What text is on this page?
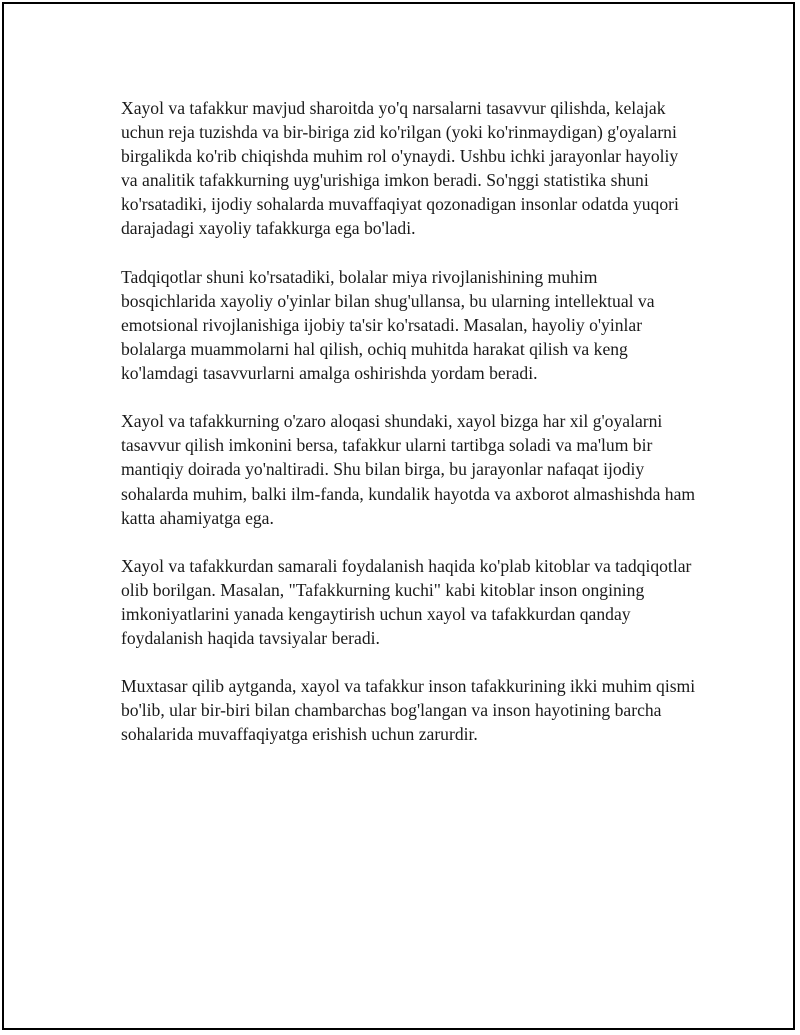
Xayol va tafakkur mavjud sharoitda yo'q narsalarni tasavvur qilishda, kelajak uchun reja tuzishda va bir-biriga zid ko'rilgan (yoki ko'rinmaydigan) g'oyalarni birgalikda ko'rib chiqishda muhim rol o'ynaydi. Ushbu ichki jarayonlar hayoliy va analitik tafakkurning uyg'urishiga imkon beradi. So'nggi statistika shuni ko'rsatadiki, ijodiy sohalarda muvaffaqiyat qozonadigan insonlar odatda yuqori darajadagi xayoliy tafakkurga ega bo'ladi.

Tadqiqotlar shuni ko'rsatadiki, bolalar miya rivojlanishining muhim bosqichlarida xayoliy o'yinlar bilan shug'ullansa, bu ularning intellektual va emotsional rivojlanishiga ijobiy ta'sir ko'rsatadi. Masalan, hayoliy o'yinlar bolalarga muammolarni hal qilish, ochiq muhitda harakat qilish va keng ko'lamdagi tasavvurlarni amalga oshirishda yordam beradi.

Xayol va tafakkurning o'zaro aloqasi shundaki, xayol bizga har xil g'oyalarni tasavvur qilish imkonini bersa, tafakkur ularni tartibga soladi va ma'lum bir mantiqiy doirada yo'naltiradi. Shu bilan birga, bu jarayonlar nafaqat ijodiy sohalarda muhim, balki ilm-fanda, kundalik hayotda va axborot almashishda ham katta ahamiyatga ega.

Xayol va tafakkurdan samarali foydalanish haqida ko'plab kitoblar va tadqiqotlar olib borilgan. Masalan, "Tafakkurning kuchi" kabi kitoblar inson ongining imkoniyatlarini yanada kengaytirish uchun xayol va tafakkurdan qanday foydalanish haqida tavsiyalar beradi.

Muxtasar qilib aytganda, xayol va tafakkur inson tafakkurining ikki muhim qismi bo'lib, ular bir-biri bilan chambarchas bog'langan va inson hayotining barcha sohalarida muvaffaqiyatga erishish uchun zarurdir.
